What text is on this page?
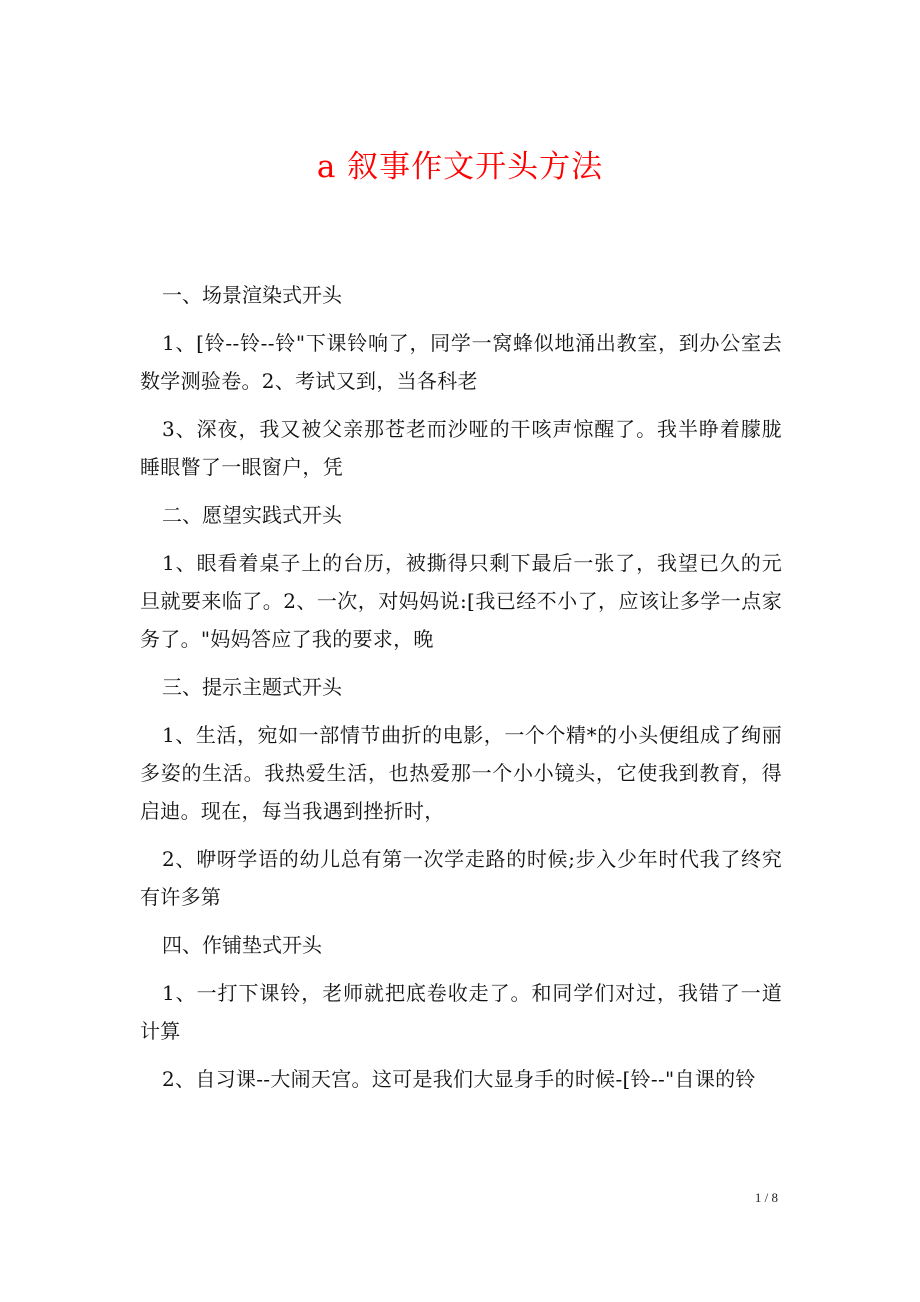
a 叙事作文开头方法

一、场景渲染式开头

1、[铃--铃--铃"下课铃响了，同学一窝蜂似地涌出教室，到办公室去数学测验卷。2、考试又到，当各科老

3、深夜，我又被父亲那苍老而沙哑的干咳声惊醒了。我半睁着朦胧睡眼瞥了一眼窗户，凭

二、愿望实践式开头

1、眼看着桌子上的台历，被撕得只剩下最后一张了，我望已久的元旦就要来临了。2、一次，对妈妈说:[我已经不小了，应该让多学一点家务了。"妈妈答应了我的要求，晚

三、提示主题式开头

1、生活，宛如一部情节曲折的电影，一个个精*的小头便组成了绚丽多姿的生活。我热爱生活，也热爱那一个小小镜头，它使我到教育，得启迪。现在，每当我遇到挫折时，

2、咿呀学语的幼儿总有第一次学走路的时候;步入少年时代我了终究有许多第

四、作铺垫式开头

1、一打下课铃，老师就把底卷收走了。和同学们对过，我错了一道计算

2、自习课--大闹天宫。这可是我们大显身手的时候-[铃--"自课的铃

1 / 8
